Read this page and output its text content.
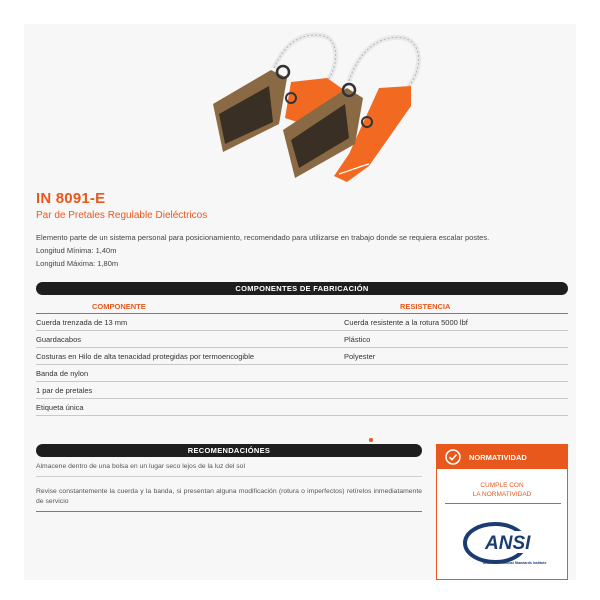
IN 8091-E
Par de Pretales Regulable Dieléctricos
Elemento parte de un sistema personal para posicionamiento, recomendado para utilizarse en trabajo donde se requiera escalar postes.
Longitud Mínima: 1,40m
Longitud Máxima: 1,80m
COMPONENTES DE FABRICACIÓN
COMPONENTE	RESISTENCIA
Cuerda trenzada de 13 mm	Cuerda resistente a la rotura 5000 lbf
Guardacabos	Plástico
Costuras en Hilo de alta tenacidad protegidas por termoencogible	Polyester
Banda de nylon
1 par de pretales
Etiqueta única
RECOMENDACIÓNES
Almacene dentro de una bolsa en un lugar seco lejos de la luz del sol
Revise constantemente la cuerda y la banda, si presentan alguna modificación (rotura o imperfectos) retírelos inmediatamente de servicio
NORMATIVIDAD
CUMPLE CON
LA NORMATIVIDAD
ANSI
American National Standards Institute
